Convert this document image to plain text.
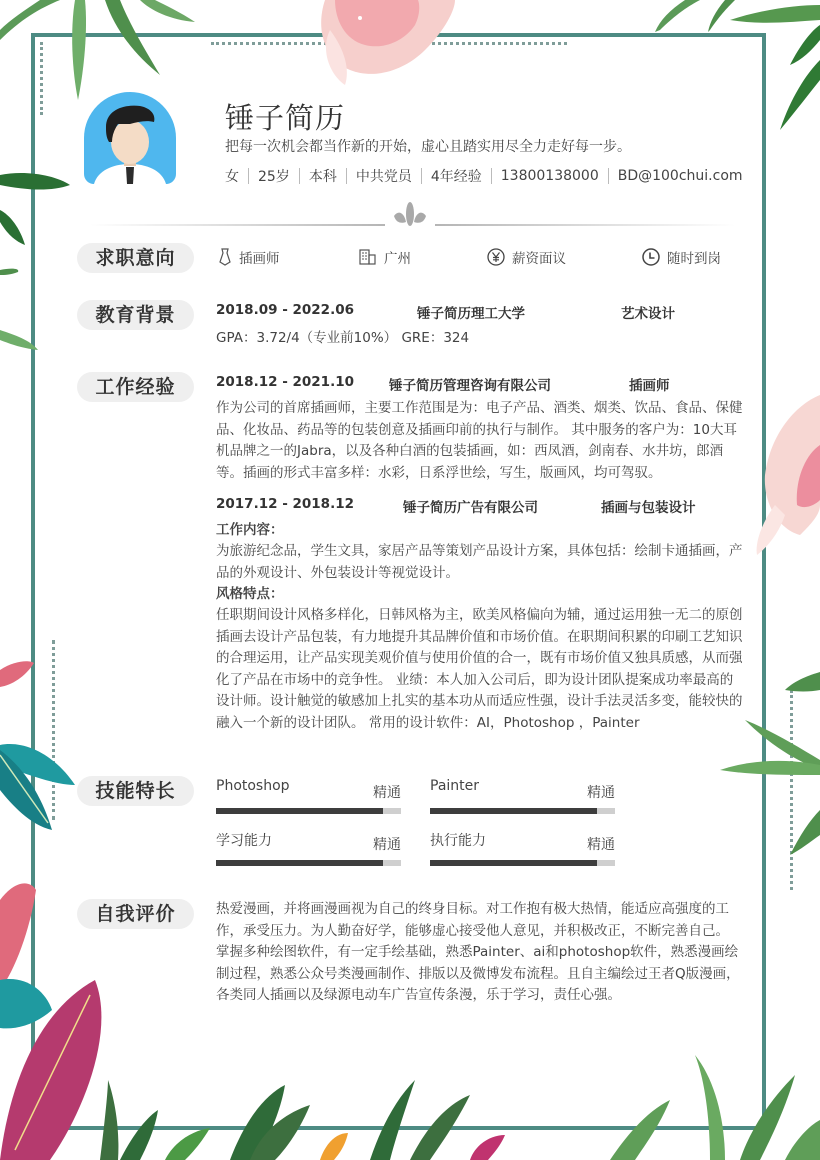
锤子简历
把每一次机会都当作新的开始，虚心且踏实用尽全力走好每一步。
女 25岁 本科 中共党员 4年经验 13800138000 BD@100chui.com
求职意向	插画师	广州	薪资面议	随时到岗
教育背景	2018.09 - 2022.06	锤子简历理工大学	艺术设计
GPA：3.72/4（专业前10%） GRE：324
工作经验	2018.12 - 2021.10	锤子简历管理咨询有限公司	插画师
作为公司的首席插画师，主要工作范围是为：电子产品、酒类、烟类、饮品、食品、保健品、化妆品、药品等的包装创意及插画印前的执行与制作。 其中服务的客户为：10大耳机品牌之一的Jabra，以及各种白酒的包装插画，如：西凤酒，剑南春、水井坊，郎酒等。插画的形式丰富多样：水彩，日系浮世绘，写生，版画风，均可驾驭。
2017.12 - 2018.12	锤子简历广告有限公司	插画与包装设计
工作内容：
为旅游纪念品，学生文具，家居产品等策划产品设计方案，具体包括：绘制卡通插画，产品的外观设计、外包装设计等视觉设计。
风格特点：
任职期间设计风格多样化，日韩风格为主，欧美风格偏向为辅，通过运用独一无二的原创插画去设计产品包装，有力地提升其品牌价值和市场价值。在职期间积累的印刷工艺知识的合理运用，让产品实现美观价值与使用价值的合一，既有市场价值又独具质感，从而强化了产品在市场中的竞争性。 业绩：本人加入公司后，即为设计团队提案成功率最高的设计师。设计触觉的敏感加上扎实的基本功从而适应性强，设计手法灵活多变，能较快的融入一个新的设计团队。 常用的设计软件：AI，Photoshop ，Painter
技能特长	Photoshop	精通 Painter	精通
学习能力	精通 执行能力	精通
自我评价	热爱漫画，并将画漫画视为自己的终身目标。对工作抱有极大热情，能适应高强度的工作，承受压力。为人勤奋好学，能够虚心接受他人意见，并积极改正，不断完善自己。掌握多种绘图软件，有一定手绘基础，熟悉Painter、ai和photoshop软件，熟悉漫画绘制过程，熟悉公众号类漫画制作、排版以及微博发布流程。且自主编绘过王者Q版漫画，各类同人插画以及绿源电动车广告宣传条漫，乐于学习，责任心强。
